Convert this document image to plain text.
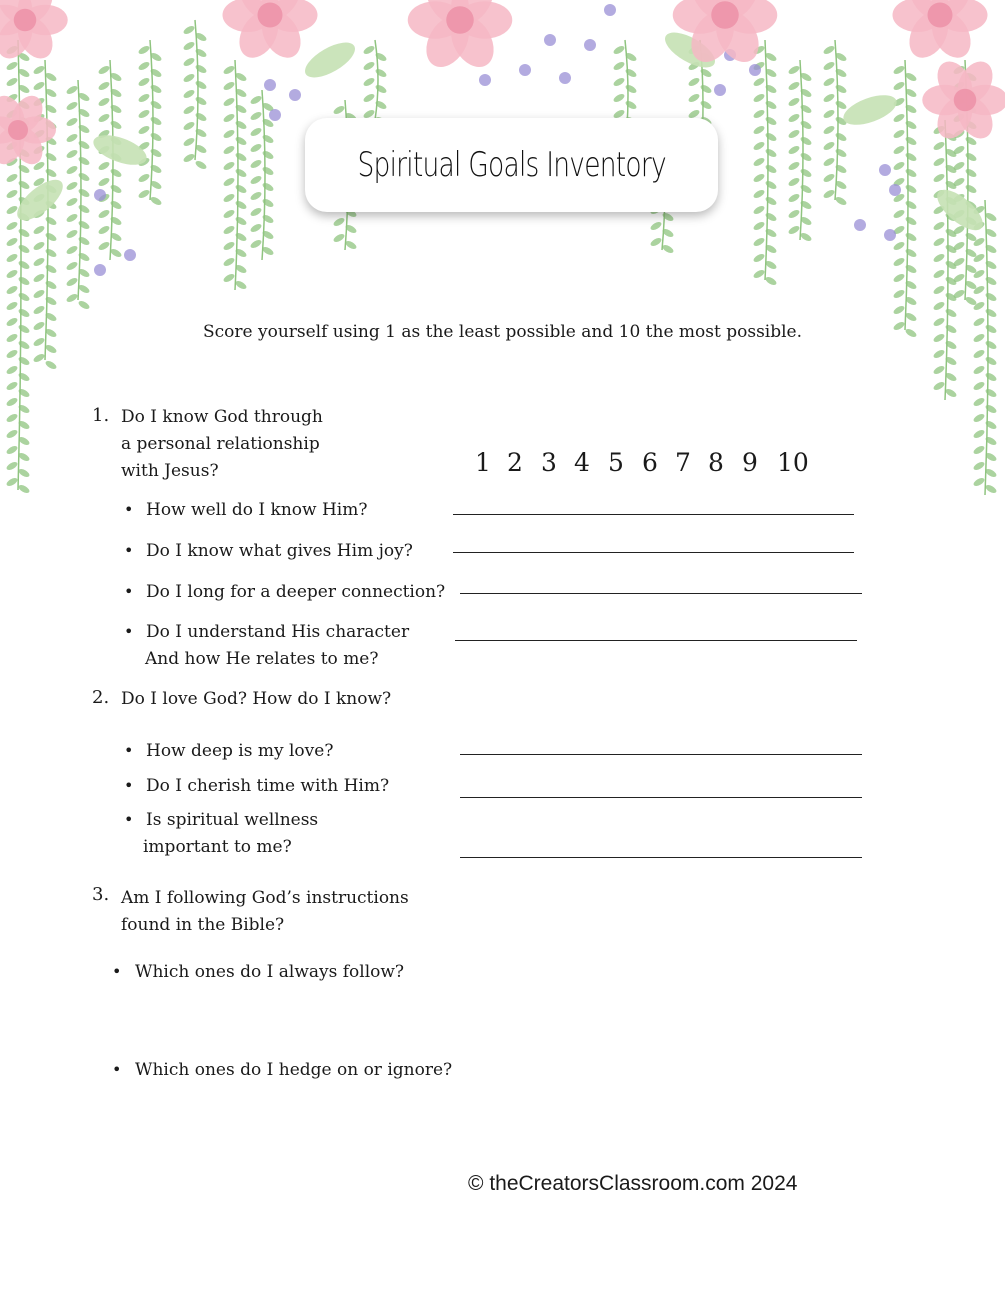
Spiritual Goals Inventory
Score yourself using 1 as the least possible and 10 the most possible.
1 2 3 4 5 6 7 8 9 10
1. Do I know God through
a personal relationship
with Jesus?
• How well do I know Him?
• Do I know what gives Him joy?
• Do I long for a deeper connection?
• Do I understand His character
And how He relates to me?
2. Do I love God? How do I know?
• How deep is my love?
• Do I cherish time with Him?
• Is spiritual wellness
important to me?
3. Am I following God’s instructions
found in the Bible?
• Which ones do I always follow?
• Which ones do I hedge on or ignore?
© theCreatorsClassroom.com 2024
